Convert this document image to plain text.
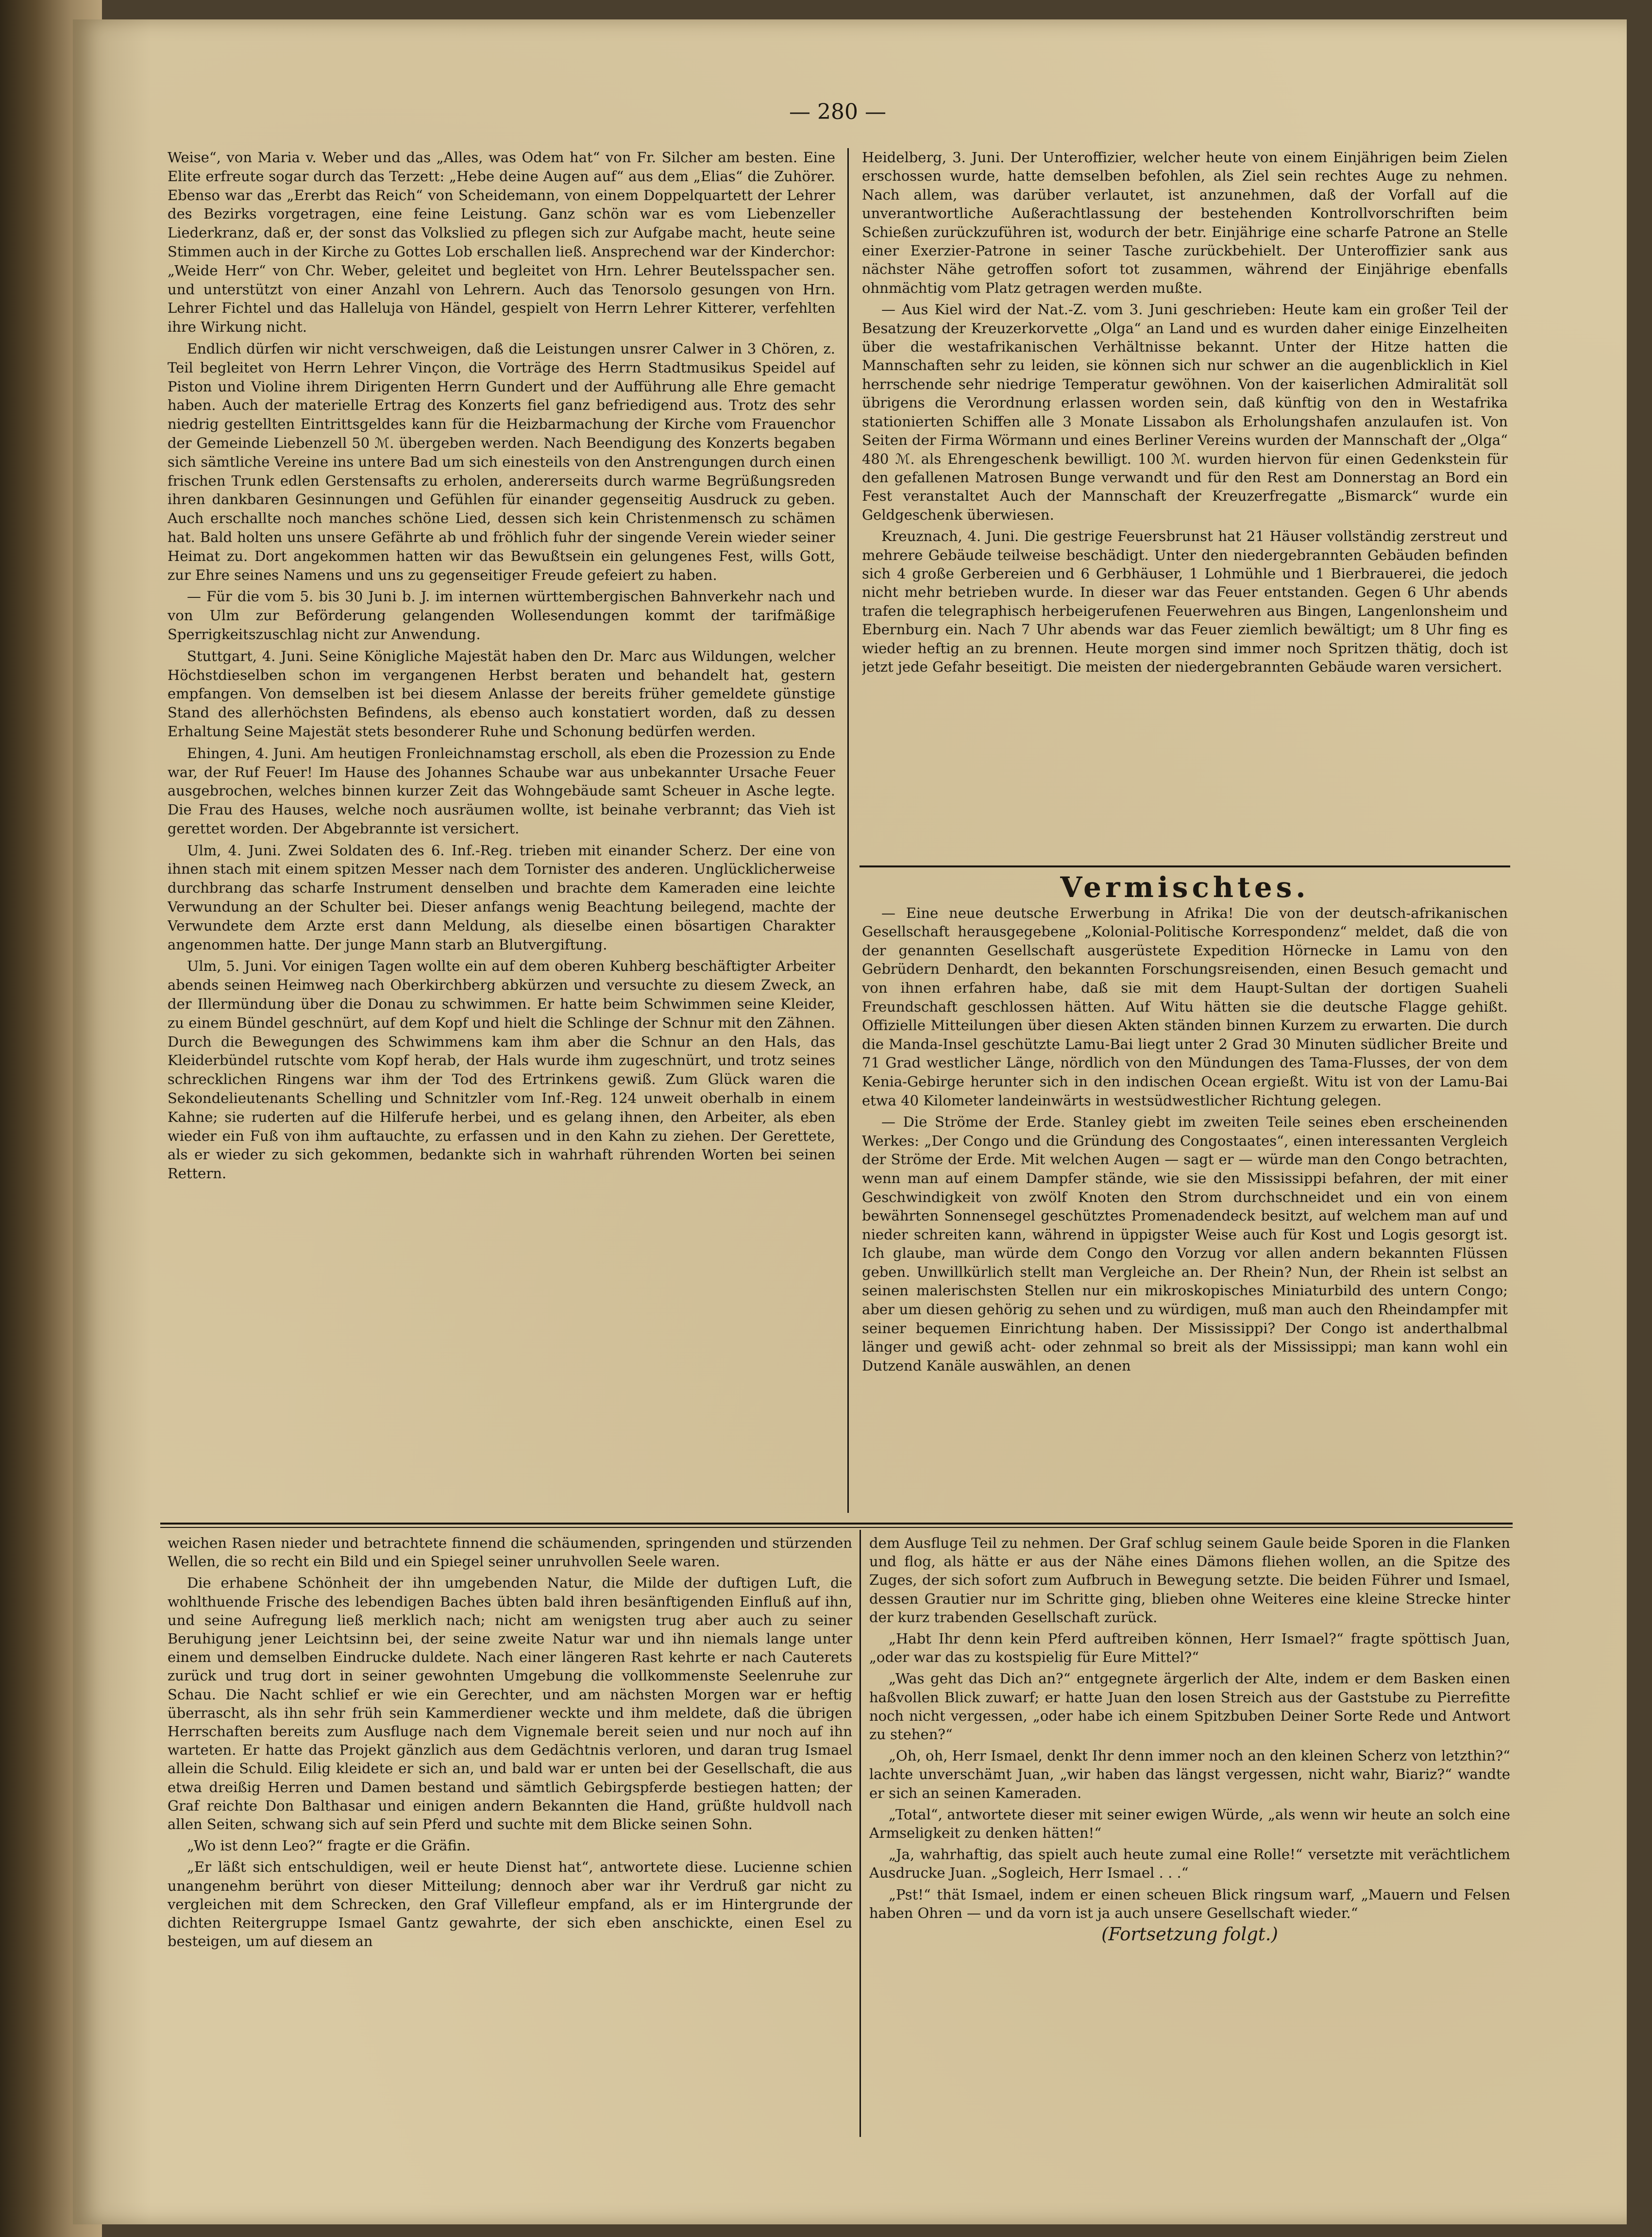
— 280 —

Weise“, von Maria v. Weber und das „Alles, was Odem hat“ von Fr. Silcher am besten. Eine Elite erfreute sogar durch das Terzett: „Hebe deine Augen auf“ aus dem „Elias“ die Zuhörer. Ebenso war das „Ererbt das Reich“ von Scheidemann, von einem Doppelquartett der Lehrer des Bezirks vorgetragen, eine feine Leistung. Ganz schön war es vom Liebenzeller Liederkranz, daß er, der sonst das Volkslied zu pflegen sich zur Aufgabe macht, heute seine Stimmen auch in der Kirche zu Gottes Lob erschallen ließ. Ansprechend war der Kinderchor: „Weide Herr“ von Chr. Weber, geleitet und begleitet von Hrn. Lehrer Beutelsspacher sen. und unterstützt von einer Anzahl von Lehrern. Auch das Tenorsolo gesungen von Hrn. Lehrer Fichtel und das Halleluja von Händel, gespielt von Herrn Lehrer Kitterer, verfehlten ihre Wirkung nicht.

Endlich dürfen wir nicht verschweigen, daß die Leistungen unsrer Calwer in 3 Chören, z. Teil begleitet von Herrn Lehrer Vinçon, die Vorträge des Herrn Stadtmusikus Speidel auf Piston und Violine ihrem Dirigenten Herrn Gundert und der Aufführung alle Ehre gemacht haben. Auch der materielle Ertrag des Konzerts fiel ganz befriedigend aus. Trotz des sehr niedrig gestellten Eintrittsgeldes kann für die Heizbarmachung der Kirche vom Frauenchor der Gemeinde Liebenzell 50 ℳ. übergeben werden. Nach Beendigung des Konzerts begaben sich sämtliche Vereine ins untere Bad um sich einesteils von den Anstrengungen durch einen frischen Trunk edlen Gerstensafts zu erholen, andererseits durch warme Begrüßungsreden ihren dankbaren Gesinnungen und Gefühlen für einander gegenseitig Ausdruck zu geben. Auch erschallte noch manches schöne Lied, dessen sich kein Christenmensch zu schämen hat. Bald holten uns unsere Gefährte ab und fröhlich fuhr der singende Verein wieder seiner Heimat zu. Dort angekommen hatten wir das Bewußtsein ein gelungenes Fest, wills Gott, zur Ehre seines Namens und uns zu gegenseitiger Freude gefeiert zu haben.

— Für die vom 5. bis 30 Juni b. J. im internen württembergischen Bahnverkehr nach und von Ulm zur Beförderung gelangenden Wollesendungen kommt der tarifmäßige Sperrigkeitszuschlag nicht zur Anwendung.

Stuttgart, 4. Juni. Seine Königliche Majestät haben den Dr. Marc aus Wildungen, welcher Höchstdieselben schon im vergangenen Herbst beraten und behandelt hat, gestern empfangen. Von demselben ist bei diesem Anlasse der bereits früher gemeldete günstige Stand des allerhöchsten Befindens, als ebenso auch konstatiert worden, daß zu dessen Erhaltung Seine Majestät stets besonderer Ruhe und Schonung bedürfen werden.

Ehingen, 4. Juni. Am heutigen Fronleichnamstag erscholl, als eben die Prozession zu Ende war, der Ruf Feuer! Im Hause des Johannes Schaube war aus unbekannter Ursache Feuer ausgebrochen, welches binnen kurzer Zeit das Wohngebäude samt Scheuer in Asche legte. Die Frau des Hauses, welche noch ausräumen wollte, ist beinahe verbrannt; das Vieh ist gerettet worden. Der Abgebrannte ist versichert.

Ulm, 4. Juni. Zwei Soldaten des 6. Inf.-Reg. trieben mit einander Scherz. Der eine von ihnen stach mit einem spitzen Messer nach dem Tornister des anderen. Unglücklicherweise durchbrang das scharfe Instrument denselben und brachte dem Kameraden eine leichte Verwundung an der Schulter bei. Dieser anfangs wenig Beachtung beilegend, machte der Verwundete dem Arzte erst dann Meldung, als dieselbe einen bösartigen Charakter angenommen hatte. Der junge Mann starb an Blutvergiftung.

Ulm, 5. Juni. Vor einigen Tagen wollte ein auf dem oberen Kuhberg beschäftigter Arbeiter abends seinen Heimweg nach Oberkirchberg abkürzen und versuchte zu diesem Zweck, an der Illermündung über die Donau zu schwimmen. Er hatte beim Schwimmen seine Kleider, zu einem Bündel geschnürt, auf dem Kopf und hielt die Schlinge der Schnur mit den Zähnen. Durch die Bewegungen des Schwimmens kam ihm aber die Schnur an den Hals, das Kleiderbündel rutschte vom Kopf herab, der Hals wurde ihm zugeschnürt, und trotz seines schrecklichen Ringens war ihm der Tod des Ertrinkens gewiß. Zum Glück waren die Sekondelieutenants Schelling und Schnitzler vom Inf.-Reg. 124 unweit oberhalb in einem Kahne; sie ruderten auf die Hilferufe herbei, und es gelang ihnen, den Arbeiter, als eben wieder ein Fuß von ihm auftauchte, zu erfassen und in den Kahn zu ziehen. Der Gerettete, als er wieder zu sich gekommen, bedankte sich in wahrhaft rührenden Worten bei seinen Rettern.

Heidelberg, 3. Juni. Der Unteroffizier, welcher heute von einem Einjährigen beim Zielen erschossen wurde, hatte demselben befohlen, als Ziel sein rechtes Auge zu nehmen. Nach allem, was darüber verlautet, ist anzunehmen, daß der Vorfall auf die unverantwortliche Außerachtlassung der bestehenden Kontrollvorschriften beim Schießen zurückzuführen ist, wodurch der betr. Einjährige eine scharfe Patrone an Stelle einer Exerzier-Patrone in seiner Tasche zurückbehielt. Der Unteroffizier sank aus nächster Nähe getroffen sofort tot zusammen, während der Einjährige ebenfalls ohnmächtig vom Platz getragen werden mußte.

— Aus Kiel wird der Nat.-Z. vom 3. Juni geschrieben: Heute kam ein großer Teil der Besatzung der Kreuzerkorvette „Olga“ an Land und es wurden daher einige Einzelheiten über die westafrikanischen Verhältnisse bekannt. Unter der Hitze hatten die Mannschaften sehr zu leiden, sie können sich nur schwer an die augenblicklich in Kiel herrschende sehr niedrige Temperatur gewöhnen. Von der kaiserlichen Admiralität soll übrigens die Verordnung erlassen worden sein, daß künftig von den in Westafrika stationierten Schiffen alle 3 Monate Lissabon als Erholungshafen anzulaufen ist. Von Seiten der Firma Wörmann und eines Berliner Vereins wurden der Mannschaft der „Olga“ 480 ℳ. als Ehrengeschenk bewilligt. 100 ℳ. wurden hiervon für einen Gedenkstein für den gefallenen Matrosen Bunge verwandt und für den Rest am Donnerstag an Bord ein Fest veranstaltet Auch der Mannschaft der Kreuzerfregatte „Bismarck“ wurde ein Geldgeschenk überwiesen.

Kreuznach, 4. Juni. Die gestrige Feuersbrunst hat 21 Häuser vollständig zerstreut und mehrere Gebäude teilweise beschädigt. Unter den niedergebrannten Gebäuden befinden sich 4 große Gerbereien und 6 Gerbhäuser, 1 Lohmühle und 1 Bierbrauerei, die jedoch nicht mehr betrieben wurde. In dieser war das Feuer entstanden. Gegen 6 Uhr abends trafen die telegraphisch herbeigerufenen Feuerwehren aus Bingen, Langenlonsheim und Ebernburg ein. Nach 7 Uhr abends war das Feuer ziemlich bewältigt; um 8 Uhr fing es wieder heftig an zu brennen. Heute morgen sind immer noch Spritzen thätig, doch ist jetzt jede Gefahr beseitigt. Die meisten der niedergebrannten Gebäude waren versichert.

Vermischtes.

— Eine neue deutsche Erwerbung in Afrika! Die von der deutsch-afrikanischen Gesellschaft herausgegebene „Kolonial-Politische Korrespondenz“ meldet, daß die von der genannten Gesellschaft ausgerüstete Expedition Hörnecke in Lamu von den Gebrüdern Denhardt, den bekannten Forschungsreisenden, einen Besuch gemacht und von ihnen erfahren habe, daß sie mit dem Haupt-Sultan der dortigen Suaheli Freundschaft geschlossen hätten. Auf Witu hätten sie die deutsche Flagge gehißt. Offizielle Mitteilungen über diesen Akten ständen binnen Kurzem zu erwarten. Die durch die Manda-Insel geschützte Lamu-Bai liegt unter 2 Grad 30 Minuten südlicher Breite und 71 Grad westlicher Länge, nördlich von den Mündungen des Tama-Flusses, der von dem Kenia-Gebirge herunter sich in den indischen Ocean ergießt. Witu ist von der Lamu-Bai etwa 40 Kilometer landeinwärts in westsüdwestlicher Richtung gelegen.

— Die Ströme der Erde. Stanley giebt im zweiten Teile seines eben erscheinenden Werkes: „Der Congo und die Gründung des Congostaates“, einen interessanten Vergleich der Ströme der Erde. Mit welchen Augen — sagt er — würde man den Congo betrachten, wenn man auf einem Dampfer stände, wie sie den Mississippi befahren, der mit einer Geschwindigkeit von zwölf Knoten den Strom durchschneidet und ein von einem bewährten Sonnensegel geschütztes Promenadendeck besitzt, auf welchem man auf und nieder schreiten kann, während in üppigster Weise auch für Kost und Logis gesorgt ist. Ich glaube, man würde dem Congo den Vorzug vor allen andern bekannten Flüssen geben. Unwillkürlich stellt man Vergleiche an. Der Rhein? Nun, der Rhein ist selbst an seinen malerischsten Stellen nur ein mikroskopisches Miniaturbild des untern Congo; aber um diesen gehörig zu sehen und zu würdigen, muß man auch den Rheindampfer mit seiner bequemen Einrichtung haben. Der Mississippi? Der Congo ist anderthalbmal länger und gewiß acht- oder zehnmal so breit als der Mississippi; man kann wohl ein Dutzend Kanäle auswählen, an denen

weichen Rasen nieder und betrachtete finnend die schäumenden, springenden und stürzenden Wellen, die so recht ein Bild und ein Spiegel seiner unruhvollen Seele waren.

Die erhabene Schönheit der ihn umgebenden Natur, die Milde der duftigen Luft, die wohlthuende Frische des lebendigen Baches übten bald ihren besänftigenden Einfluß auf ihn, und seine Aufregung ließ merklich nach; nicht am wenigsten trug aber auch zu seiner Beruhigung jener Leichtsinn bei, der seine zweite Natur war und ihn niemals lange unter einem und demselben Eindrucke duldete. Nach einer längeren Rast kehrte er nach Cauterets zurück und trug dort in seiner gewohnten Umgebung die vollkommenste Seelenruhe zur Schau. Die Nacht schlief er wie ein Gerechter, und am nächsten Morgen war er heftig überrascht, als ihn sehr früh sein Kammerdiener weckte und ihm meldete, daß die übrigen Herrschaften bereits zum Ausfluge nach dem Vignemale bereit seien und nur noch auf ihn warteten. Er hatte das Projekt gänzlich aus dem Gedächtnis verloren, und daran trug Ismael allein die Schuld. Eilig kleidete er sich an, und bald war er unten bei der Gesellschaft, die aus etwa dreißig Herren und Damen bestand und sämtlich Gebirgspferde bestiegen hatten; der Graf reichte Don Balthasar und einigen andern Bekannten die Hand, grüßte huldvoll nach allen Seiten, schwang sich auf sein Pferd und suchte mit dem Blicke seinen Sohn.

„Wo ist denn Leo?“ fragte er die Gräfin.

„Er läßt sich entschuldigen, weil er heute Dienst hat“, antwortete diese. Lucienne schien unangenehm berührt von dieser Mitteilung; dennoch aber war ihr Verdruß gar nicht zu vergleichen mit dem Schrecken, den Graf Villefleur empfand, als er im Hintergrunde der dichten Reitergruppe Ismael Gantz gewahrte, der sich eben anschickte, einen Esel zu besteigen, um auf diesem an

dem Ausfluge Teil zu nehmen. Der Graf schlug seinem Gaule beide Sporen in die Flanken und flog, als hätte er aus der Nähe eines Dämons fliehen wollen, an die Spitze des Zuges, der sich sofort zum Aufbruch in Bewegung setzte. Die beiden Führer und Ismael, dessen Grautier nur im Schritte ging, blieben ohne Weiteres eine kleine Strecke hinter der kurz trabenden Gesellschaft zurück.

„Habt Ihr denn kein Pferd auftreiben können, Herr Ismael?“ fragte spöttisch Juan, „oder war das zu kostspielig für Eure Mittel?“

„Was geht das Dich an?“ entgegnete ärgerlich der Alte, indem er dem Basken einen haßvollen Blick zuwarf; er hatte Juan den losen Streich aus der Gaststube zu Pierrefitte noch nicht vergessen, „oder habe ich einem Spitzbuben Deiner Sorte Rede und Antwort zu stehen?“

„Oh, oh, Herr Ismael, denkt Ihr denn immer noch an den kleinen Scherz von letzthin?“ lachte unverschämt Juan, „wir haben das längst vergessen, nicht wahr, Biariz?“ wandte er sich an seinen Kameraden.

„Total“, antwortete dieser mit seiner ewigen Würde, „als wenn wir heute an solch eine Armseligkeit zu denken hätten!“

„Ja, wahrhaftig, das spielt auch heute zumal eine Rolle!“ versetzte mit verächtlichem Ausdrucke Juan. „Sogleich, Herr Ismael . . .“

„Pst!“ thät Ismael, indem er einen scheuen Blick ringsum warf, „Mauern und Felsen haben Ohren — und da vorn ist ja auch unsere Gesellschaft wieder.“

(Fortsetzung folgt.)
